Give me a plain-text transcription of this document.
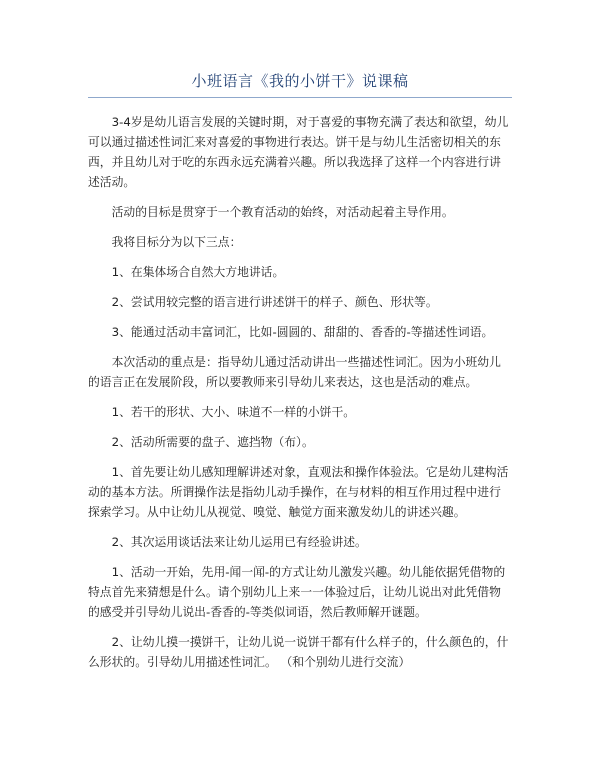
小班语言《我的小饼干》说课稿

3-4岁是幼儿语言发展的关键时期，对于喜爱的事物充满了表达和欲望，幼儿可以通过描述性词汇来对喜爱的事物进行表达。饼干是与幼儿生活密切相关的东西，并且幼儿对于吃的东西永远充满着兴趣。所以我选择了这样一个内容进行讲述活动。

活动的目标是贯穿于一个教育活动的始终，对活动起着主导作用。

我将目标分为以下三点：

1、在集体场合自然大方地讲话。

2、尝试用较完整的语言进行讲述饼干的样子、颜色、形状等。

3、能通过活动丰富词汇，比如-圆圆的、甜甜的、香香的-等描述性词语。

本次活动的重点是：指导幼儿通过活动讲出一些描述性词汇。因为小班幼儿的语言正在发展阶段，所以要教师来引导幼儿来表达，这也是活动的难点。

1、若干的形状、大小、味道不一样的小饼干。

2、活动所需要的盘子、遮挡物（布）。

1、首先要让幼儿感知理解讲述对象，直观法和操作体验法。它是幼儿建构活动的基本方法。所谓操作法是指幼儿动手操作，在与材料的相互作用过程中进行探索学习。从中让幼儿从视觉、嗅觉、触觉方面来激发幼儿的讲述兴趣。

2、其次运用谈话法来让幼儿运用已有经验讲述。

1、活动一开始，先用-闻一闻-的方式让幼儿激发兴趣。幼儿能依据凭借物的特点首先来猜想是什么。请个别幼儿上来一一体验过后，让幼儿说出对此凭借物的感受并引导幼儿说出-香香的-等类似词语，然后教师解开谜题。

2、让幼儿摸一摸饼干，让幼儿说一说饼干都有什么样子的，什么颜色的，什么形状的。引导幼儿用描述性词汇。 （和个别幼儿进行交流）
